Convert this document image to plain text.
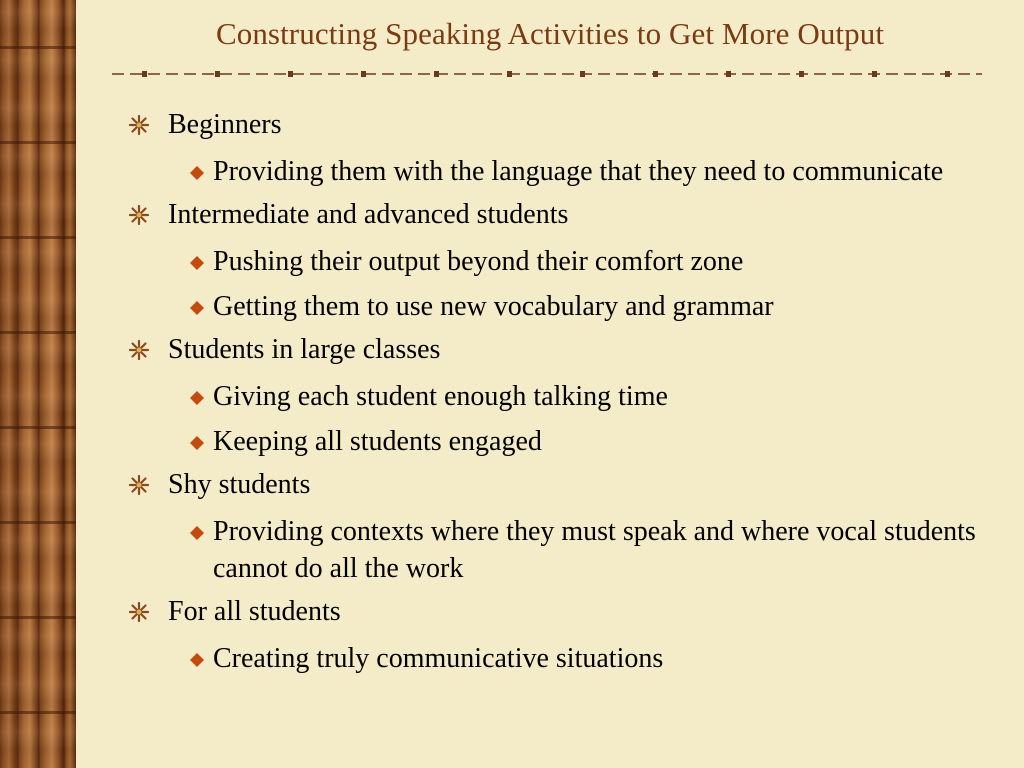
Constructing Speaking Activities to Get More Output
Beginners
Providing them with the language that they need to communicate
Intermediate and advanced students
Pushing their output beyond their comfort zone
Getting them to use new vocabulary and grammar
Students in large classes
Giving each student enough talking time
Keeping all students engaged
Shy students
Providing contexts where they must speak and where vocal students cannot do all the work
For all students
Creating truly communicative situations
